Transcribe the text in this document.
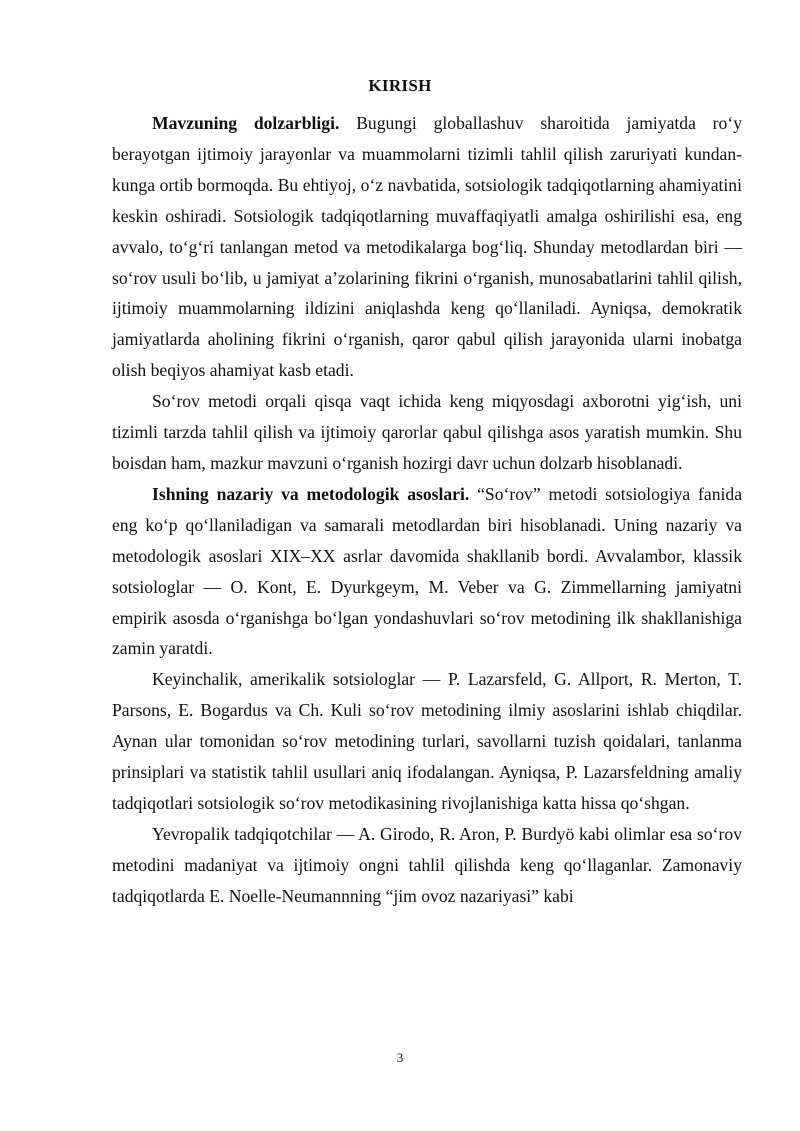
KIRISH

Mavzuning dolzarbligi. Bugungi globallashuv sharoitida jamiyatda ro‘y berayotgan ijtimoiy jarayonlar va muammolarni tizimli tahlil qilish zaruriyati kundan-kunga ortib bormoqda. Bu ehtiyoj, o‘z navbatida, sotsiologik tadqiqotlarning ahamiyatini keskin oshiradi. Sotsiologik tadqiqotlarning muvaffaqiyatli amalga oshirilishi esa, eng avvalo, to‘g‘ri tanlangan metod va metodikalarga bog‘liq. Shunday metodlardan biri — so‘rov usuli bo‘lib, u jamiyat a’zolarining fikrini o‘rganish, munosabatlarini tahlil qilish, ijtimoiy muammolarning ildizini aniqlashda keng qo‘llaniladi. Ayniqsa, demokratik jamiyatlarda aholining fikrini o‘rganish, qaror qabul qilish jarayonida ularni inobatga olish beqiyos ahamiyat kasb etadi.

So‘rov metodi orqali qisqa vaqt ichida keng miqyosdagi axborotni yig‘ish, uni tizimli tarzda tahlil qilish va ijtimoiy qarorlar qabul qilishga asos yaratish mumkin. Shu boisdan ham, mazkur mavzuni o‘rganish hozirgi davr uchun dolzarb hisoblanadi.

Ishning nazariy va metodologik asoslari. “So‘rov” metodi sotsiologiya fanida eng ko‘p qo‘llaniladigan va samarali metodlardan biri hisoblanadi. Uning nazariy va metodologik asoslari XIX–XX asrlar davomida shakllanib bordi. Avvalambor, klassik sotsiologlar — O. Kont, E. Dyurkgeym, M. Veber va G. Zimmellarning jamiyatni empirik asosda o‘rganishga bo‘lgan yondashuvlari so‘rov metodining ilk shakllanishiga zamin yaratdi.

Keyinchalik, amerikalik sotsiologlar — P. Lazarsfeld, G. Allport, R. Merton, T. Parsons, E. Bogardus va Ch. Kuli so‘rov metodining ilmiy asoslarini ishlab chiqdilar. Aynan ular tomonidan so‘rov metodining turlari, savollarni tuzish qoidalari, tanlanma prinsiplari va statistik tahlil usullari aniq ifodalangan. Ayniqsa, P. Lazarsfeldning amaliy tadqiqotlari sotsiologik so‘rov metodikasining rivojlanishiga katta hissa qo‘shgan.

Yevropalik tadqiqotchilar — A. Girodo, R. Aron, P. Burdyö kabi olimlar esa so‘rov metodini madaniyat va ijtimoiy ongni tahlil qilishda keng qo‘llaganlar. Zamonaviy tadqiqotlarda E. Noelle-Neumannning “jim ovoz nazariyasi” kabi

3
